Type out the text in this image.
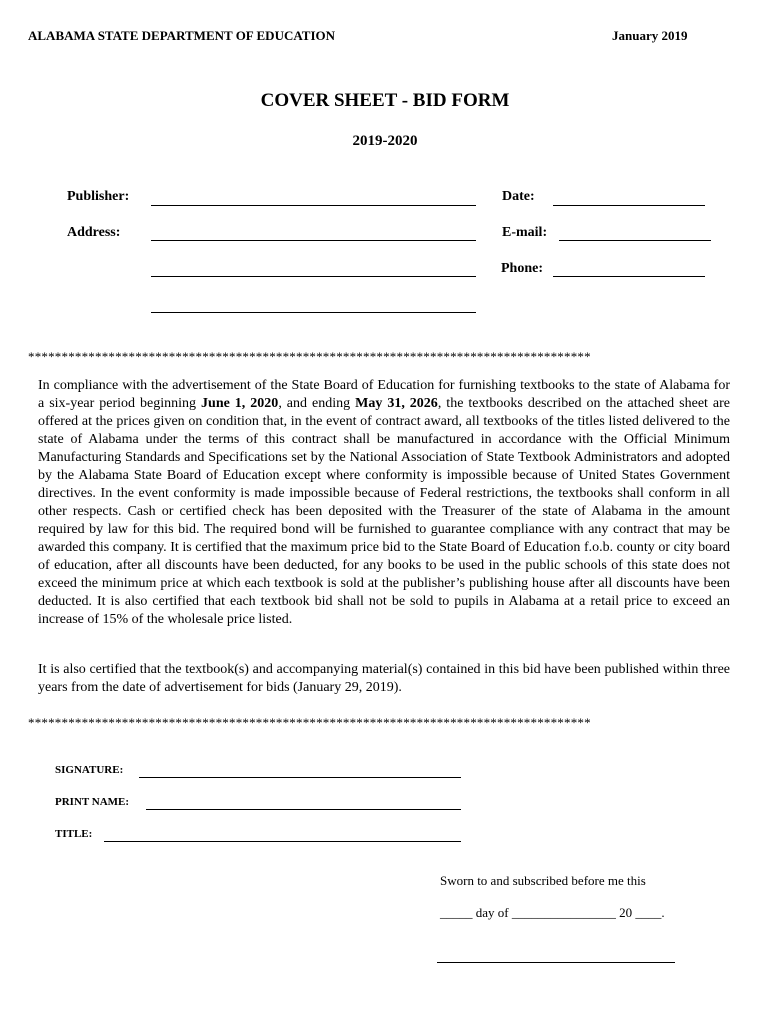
ALABAMA STATE DEPARTMENT OF EDUCATION	January 2019
COVER SHEET - BID FORM
2019-2020
Publisher:	Date:
Address:	E-mail:
Phone:
************************************************************************************
In compliance with the advertisement of the State Board of Education for furnishing textbooks to the state of Alabama for a six-year period beginning June 1, 2020, and ending May 31, 2026, the textbooks described on the attached sheet are offered at the prices given on condition that, in the event of contract award, all textbooks of the titles listed delivered to the state of Alabama under the terms of this contract shall be manufactured in accordance with the Official Minimum Manufacturing Standards and Specifications set by the National Association of State Textbook Administrators and adopted by the Alabama State Board of Education except where conformity is impossible because of United States Government directives. In the event conformity is made impossible because of Federal restrictions, the textbooks shall conform in all other respects. Cash or certified check has been deposited with the Treasurer of the state of Alabama in the amount required by law for this bid. The required bond will be furnished to guarantee compliance with any contract that may be awarded this company. It is certified that the maximum price bid to the State Board of Education f.o.b. county or city board of education, after all discounts have been deducted, for any books to be used in the public schools of this state does not exceed the minimum price at which each textbook is sold at the publisher’s publishing house after all discounts have been deducted. It is also certified that each textbook bid shall not be sold to pupils in Alabama at a retail price to exceed an increase of 15% of the wholesale price listed.
It is also certified that the textbook(s) and accompanying material(s) contained in this bid have been published within three years from the date of advertisement for bids (January 29, 2019).
************************************************************************************
SIGNATURE:
PRINT NAME:
TITLE:
Sworn to and subscribed before me this
_____ day of ________________ 20 ____.
